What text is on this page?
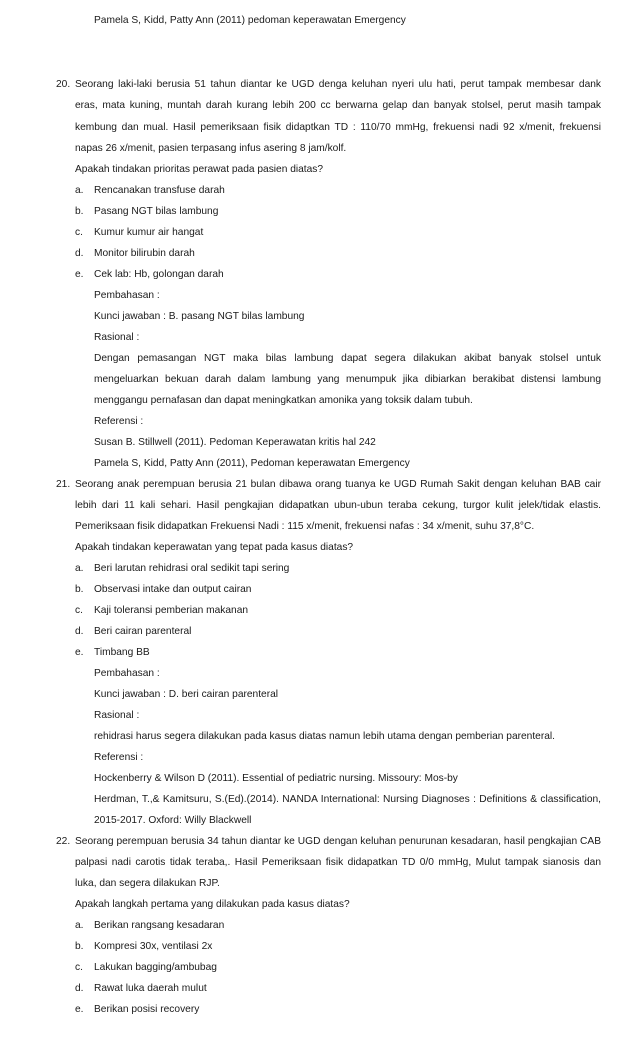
Pamela S, Kidd, Patty Ann (2011) pedoman keperawatan Emergency
20. Seorang laki-laki berusia 51 tahun diantar ke UGD denga keluhan nyeri ulu hati, perut tampak membesar dank
eras, mata kuning, muntah darah kurang lebih 200 cc berwarna gelap dan banyak stolsel, perut masih tampak
kembung dan mual. Hasil pemeriksaan fisik didaptkan TD : 110/70 mmHg, frekuensi nadi 92 x/menit, frekuensi
napas 26 x/menit, pasien terpasang infus asering 8 jam/kolf.
Apakah tindakan prioritas perawat pada pasien diatas?
a. Rencanakan transfuse darah
b. Pasang NGT bilas lambung
c. Kumur kumur air hangat
d. Monitor bilirubin darah
e. Cek lab: Hb, golongan darah
Pembahasan :
Kunci jawaban : B. pasang NGT bilas lambung
Rasional :
Dengan pemasangan NGT maka bilas lambung dapat segera dilakukan akibat banyak stolsel untuk
mengeluarkan bekuan darah dalam lambung yang menumpuk jika dibiarkan berakibat distensi lambung
menggangu pernafasan dan dapat meningkatkan amonika yang toksik dalam tubuh.
Referensi :
Susan B. Stillwell (2011). Pedoman Keperawatan kritis hal 242
Pamela S, Kidd, Patty Ann (2011), Pedoman keperawatan Emergency
21. Seorang anak perempuan berusia 21 bulan dibawa orang tuanya ke UGD Rumah Sakit dengan keluhan BAB cair
lebih dari 11 kali sehari. Hasil pengkajian didapatkan ubun-ubun teraba cekung, turgor kulit jelek/tidak elastis.
Pemeriksaan fisik didapatkan Frekuensi Nadi : 115 x/menit, frekuensi nafas : 34 x/menit, suhu 37,8°C.
Apakah tindakan keperawatan yang tepat pada kasus diatas?
a. Beri larutan rehidrasi oral sedikit tapi sering
b. Observasi intake dan output cairan
c. Kaji toleransi pemberian makanan
d. Beri cairan parenteral
e. Timbang BB
Pembahasan :
Kunci jawaban : D. beri cairan parenteral
Rasional :
rehidrasi harus segera dilakukan pada kasus diatas namun lebih utama dengan pemberian parenteral.
Referensi :
Hockenberry & Wilson D (2011). Essential of pediatric nursing. Missoury: Mos-by
Herdman, T.,& Kamitsuru, S.(Ed).(2014). NANDA International: Nursing Diagnoses : Definitions & classification,
2015-2017. Oxford: Willy Blackwell
22. Seorang perempuan berusia 34 tahun diantar ke UGD dengan keluhan penurunan kesadaran, hasil pengkajian CAB
palpasi nadi carotis tidak teraba,. Hasil Pemeriksaan fisik didapatkan TD 0/0 mmHg, Mulut tampak sianosis dan
luka, dan segera dilakukan RJP.
Apakah langkah pertama yang dilakukan pada kasus diatas?
a. Berikan rangsang kesadaran
b. Kompresi 30x, ventilasi 2x
c. Lakukan bagging/ambubag
d. Rawat luka daerah mulut
e. Berikan posisi recovery
